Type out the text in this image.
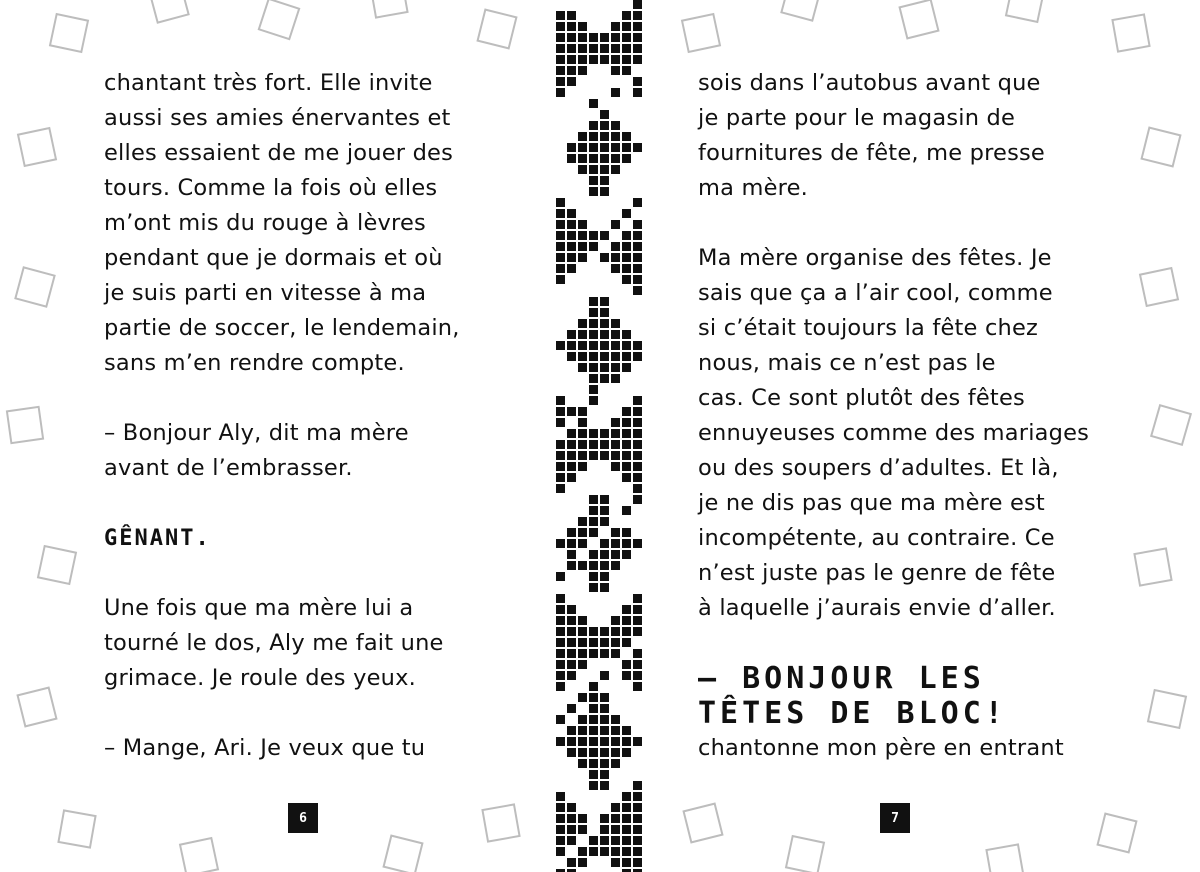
chantant très fort. Elle invite
aussi ses amies énervantes et
elles essaient de me jouer des
tours. Comme la fois où elles
m’ont mis du rouge à lèvres
pendant que je dormais et où
je suis parti en vitesse à ma
partie de soccer, le lendemain,
sans m’en rendre compte.
– Bonjour Aly, dit ma mère
avant de l’embrasser.
GÊNANT.
Une fois que ma mère lui a
tourné le dos, Aly me fait une
grimace. Je roule des yeux.
– Mange, Ari. Je veux que tu
6
sois dans l’autobus avant que
je parte pour le magasin de
fournitures de fête, me presse
ma mère.
Ma mère organise des fêtes. Je
sais que ça a l’air cool, comme
si c’était toujours la fête chez
nous, mais ce n’est pas le
cas. Ce sont plutôt des fêtes
ennuyeuses comme des mariages
ou des soupers d’adultes. Et là,
je ne dis pas que ma mère est
incompétente, au contraire. Ce
n’est juste pas le genre de fête
à laquelle j’aurais envie d’aller.
– BONJOUR LES
TÊTES DE BLOC!
chantonne mon père en entrant
7
